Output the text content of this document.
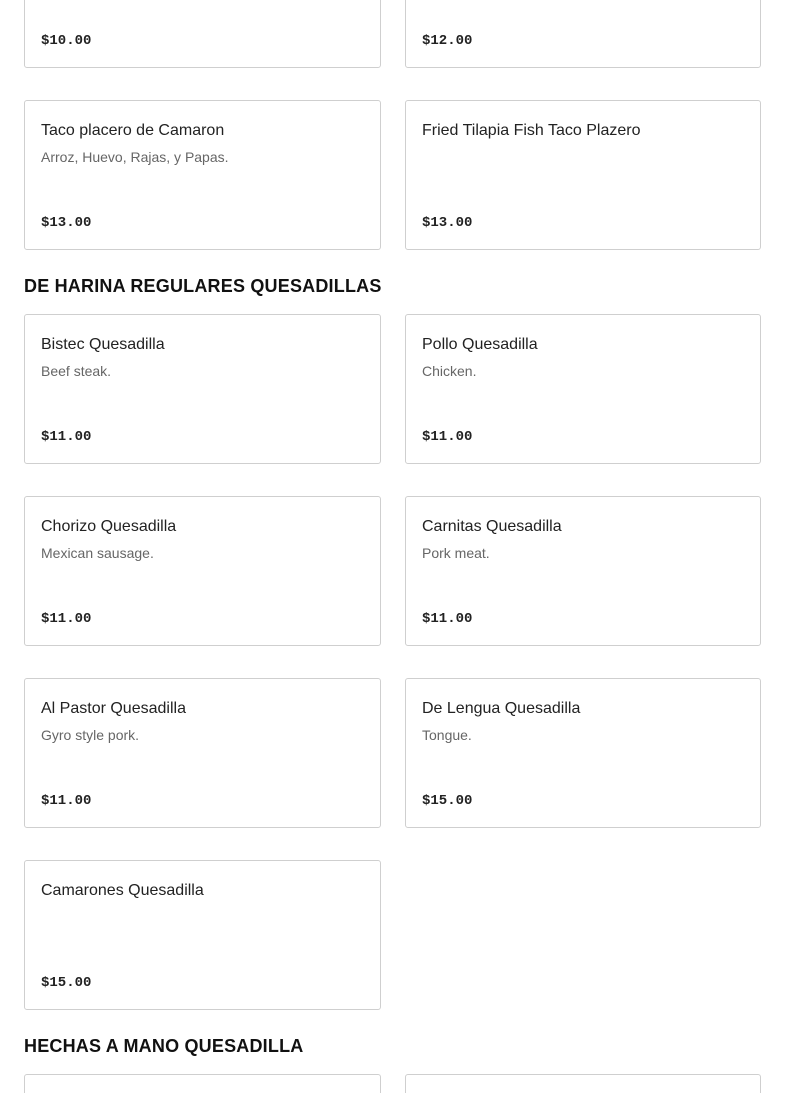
$10.00	$12.00
Taco placero de Camaron
Arroz, Huevo, Rajas, y Papas.
$13.00
Fried Tilapia Fish Taco Plazero
$13.00
DE HARINA REGULARES QUESADILLAS
Bistec Quesadilla
Beef steak.
$11.00
Pollo Quesadilla
Chicken.
$11.00
Chorizo Quesadilla
Mexican sausage.
$11.00
Carnitas Quesadilla
Pork meat.
$11.00
Al Pastor Quesadilla
Gyro style pork.
$11.00
De Lengua Quesadilla
Tongue.
$15.00
Camarones Quesadilla
$15.00
HECHAS A MANO QUESADILLA
